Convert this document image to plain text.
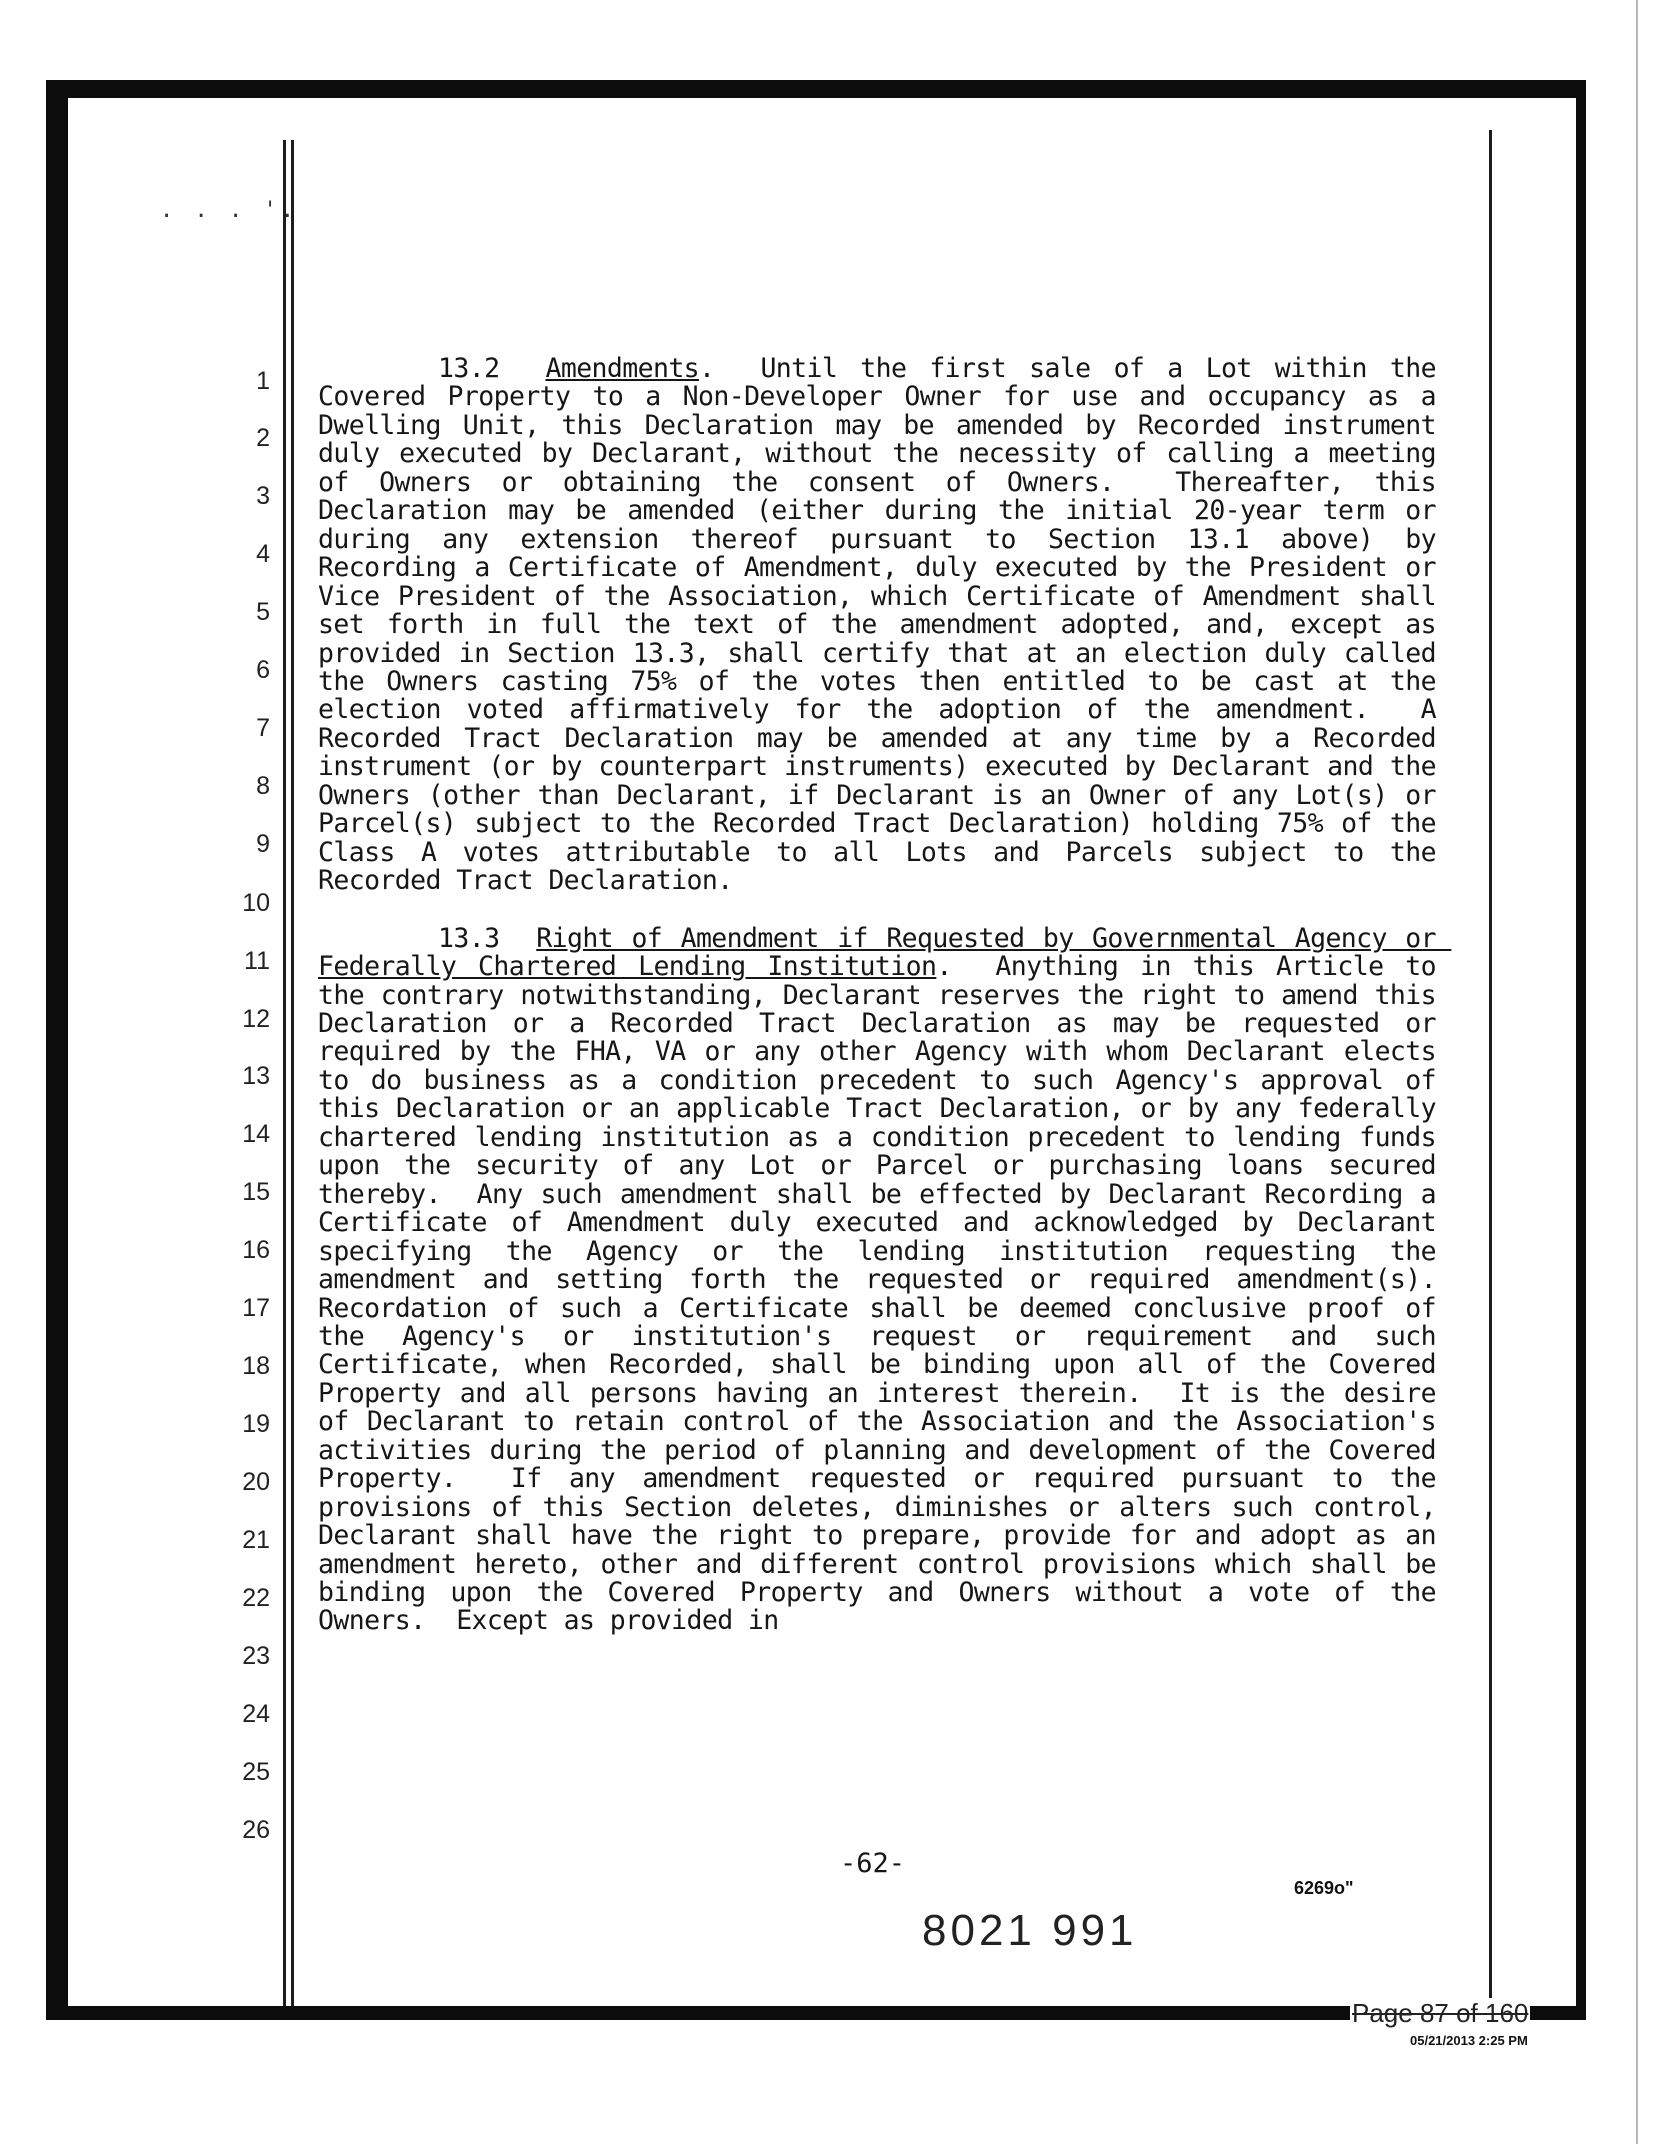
. . . '.
1
2
3
4
5
6
7
8
9
10
11
12
13
14
15
16
17
18
19
20
21
22
23
24
25
26

13.2 Amendments.  Until the first sale of a Lot within the Covered Property to a Non-Developer Owner for use and occupancy as a Dwelling Unit, this Declaration may be amended by Recorded instrument duly executed by Declarant, without the necessity of calling a meeting of Owners or obtaining the consent of Owners.  Thereafter, this Declaration may be amended (either during the initial 20-year term or during any extension thereof pursuant to Section 13.1 above) by Recording a Certificate of Amendment, duly executed by the President or Vice President of the Association, which Certificate of Amendment shall set forth in full the text of the amendment adopted, and, except as provided in Section 13.3, shall certify that at an election duly called the Owners casting 75% of the votes then entitled to be cast at the election voted affirmatively for the adoption of the amendment.  A Recorded Tract Declaration may be amended at any time by a Recorded instrument (or by counterpart instruments) executed by Declarant and the Owners (other than Declarant, if Declarant is an Owner of any Lot(s) or Parcel(s) subject to the Recorded Tract Declaration) holding 75% of the Class A votes attributable to all Lots and Parcels subject to the Recorded Tract Declaration.

13.3 Right of Amendment if Requested by Governmental Agency or Federally Chartered Lending Institution.  Anything in this Article to the contrary notwithstanding, Declarant reserves the right to amend this Declaration or a Recorded Tract Declaration as may be requested or required by the FHA, VA or any other Agency with whom Declarant elects to do business as a condition precedent to such Agency's approval of this Declaration or an applicable Tract Declaration, or by any federally chartered lending institution as a condition precedent to lending funds upon the security of any Lot or Parcel or purchasing loans secured thereby.  Any such amendment shall be effected by Declarant Recording a Certificate of Amendment duly executed and acknowledged by Declarant specifying the Agency or the lending institution requesting the amendment and setting forth the requested or required amendment(s).  Recordation of such a Certificate shall be deemed conclusive proof of the Agency's or institution's request or requirement and such Certificate, when Recorded, shall be binding upon all of the Covered Property and all persons having an interest therein.  It is the desire of Declarant to retain control of the Association and the Association's activities during the period of planning and development of the Covered Property.  If any amendment requested or required pursuant to the provisions of this Section deletes, diminishes or alters such control, Declarant shall have the right to prepare, provide for and adopt as an amendment hereto, other and different control provisions which shall be binding upon the Covered Property and Owners without a vote of the Owners.  Except as provided in

-62-
6269o"
8021 991
Page 87 of 160
05/21/2013 2:25 PM
